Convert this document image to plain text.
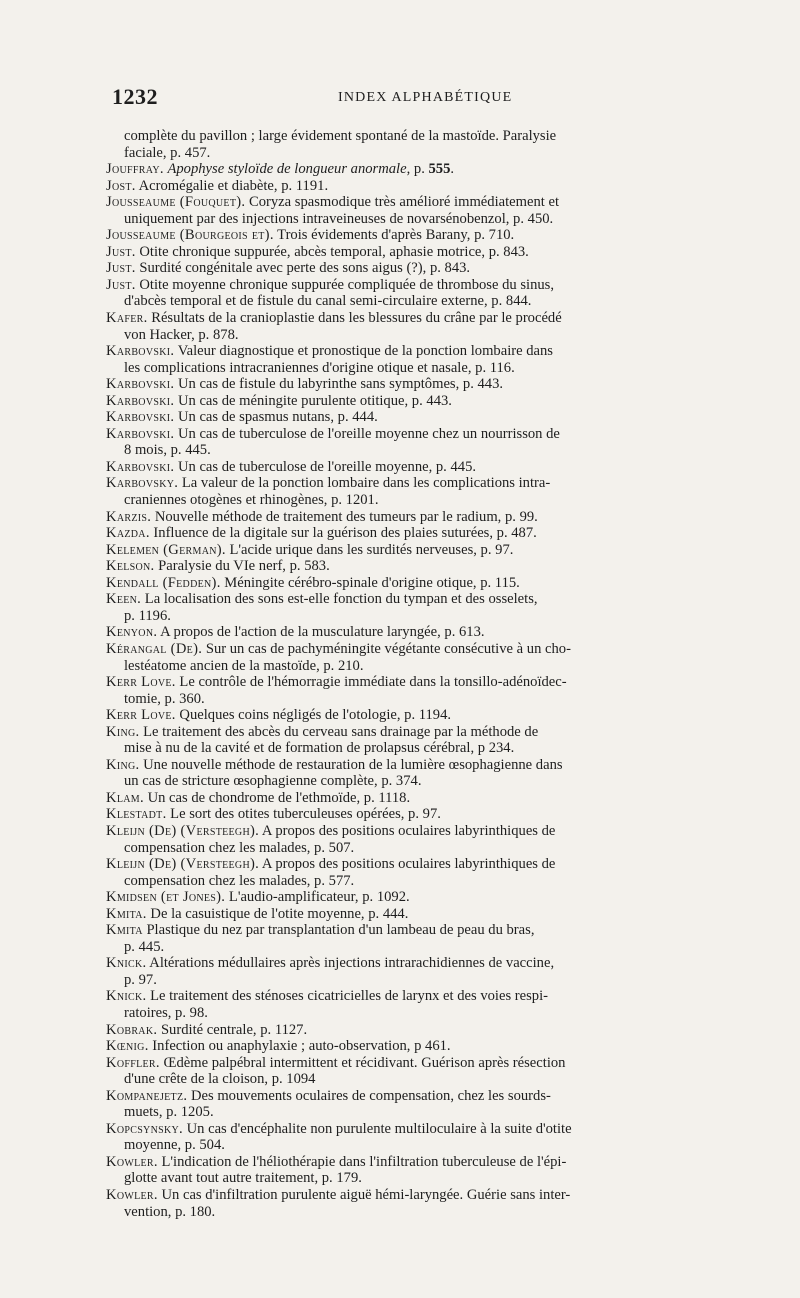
1232	INDEX ALPHABÉTIQUE
complète du pavillon ; large évidement spontané de la mastoïde. Paralysie
faciale, p. 457.
Jouffray. Apophyse styloïde de longueur anormale, p. 555.
Jost. Acromégalie et diabète, p. 1191.
Jousseaume (Fouquet). Coryza spasmodique très amélioré immédiatement et
uniquement par des injections intraveineuses de novarsénobenzol, p. 450.
Jousseaume (Bourgeois et). Trois évidements d'après Barany, p. 710.
Just. Otite chronique suppurée, abcès temporal, aphasie motrice, p. 843.
Just. Surdité congénitale avec perte des sons aigus (?), p. 843.
Just. Otite moyenne chronique suppurée compliquée de thrombose du sinus,
d'abcès temporal et de fistule du canal semi-circulaire externe, p. 844.
Kafer. Résultats de la cranioplastie dans les blessures du crâne par le procédé
von Hacker, p. 878.
Karbovski. Valeur diagnostique et pronostique de la ponction lombaire dans
les complications intracraniennes d'origine otique et nasale, p. 116.
Karbovski. Un cas de fistule du labyrinthe sans symptômes, p. 443.
Karbovski. Un cas de méningite purulente otitique, p. 443.
Karbovski. Un cas de spasmus nutans, p. 444.
Karbovski. Un cas de tuberculose de l'oreille moyenne chez un nourrisson de
8 mois, p. 445.
Karbovski. Un cas de tuberculose de l'oreille moyenne, p. 445.
Karbovsky. La valeur de la ponction lombaire dans les complications intra-
craniennes otogènes et rhinogènes, p. 1201.
Karzis. Nouvelle méthode de traitement des tumeurs par le radium, p. 99.
Kazda. Influence de la digitale sur la guérison des plaies suturées, p. 487.
Kelemen (German). L'acide urique dans les surdités nerveuses, p. 97.
Kelson. Paralysie du VIe nerf, p. 583.
Kendall (Fedden). Méningite cérébro-spinale d'origine otique, p. 115.
Keen. La localisation des sons est-elle fonction du tympan et des osselets,
p. 1196.
Kenyon. A propos de l'action de la musculature laryngée, p. 613.
Kérangal (De). Sur un cas de pachyméningite végétante consécutive à un cho-
lestéatome ancien de la mastoïde, p. 210.
Kerr Love. Le contrôle de l'hémorragie immédiate dans la tonsillo-adénoïdec-
tomie, p. 360.
Kerr Love. Quelques coins négligés de l'otologie, p. 1194.
King. Le traitement des abcès du cerveau sans drainage par la méthode de
mise à nu de la cavité et de formation de prolapsus cérébral, p 234.
King. Une nouvelle méthode de restauration de la lumière œsophagienne dans
un cas de stricture œsophagienne complète, p. 374.
Klam. Un cas de chondrome de l'ethmoïde, p. 1118.
Klestadt. Le sort des otites tuberculeuses opérées, p. 97.
Kleijn (De) (Versteegh). A propos des positions oculaires labyrinthiques de
compensation chez les malades, p. 507.
Kleijn (De) (Versteegh). A propos des positions oculaires labyrinthiques de
compensation chez les malades, p. 577.
Kmidsen (et Jones). L'audio-amplificateur, p. 1092.
Kmita. De la casuistique de l'otite moyenne, p. 444.
Kmita Plastique du nez par transplantation d'un lambeau de peau du bras,
p. 445.
Knick. Altérations médullaires après injections intrarachidiennes de vaccine,
p. 97.
Knick. Le traitement des sténoses cicatricielles de larynx et des voies respi-
ratoires, p. 98.
Kobrak. Surdité centrale, p. 1127.
Kœnig. Infection ou anaphylaxie ; auto-observation, p 461.
Koffler. Œdème palpébral intermittent et récidivant. Guérison après résection
d'une crête de la cloison, p. 1094
Kompanejetz. Des mouvements oculaires de compensation, chez les sourds-
muets, p. 1205.
Kopcsynsky. Un cas d'encéphalite non purulente multiloculaire à la suite d'otite
moyenne, p. 504.
Kowler. L'indication de l'héliothérapie dans l'infiltration tuberculeuse de l'épi-
glotte avant tout autre traitement, p. 179.
Kowler. Un cas d'infiltration purulente aiguë hémi-laryngée. Guérie sans inter-
vention, p. 180.
